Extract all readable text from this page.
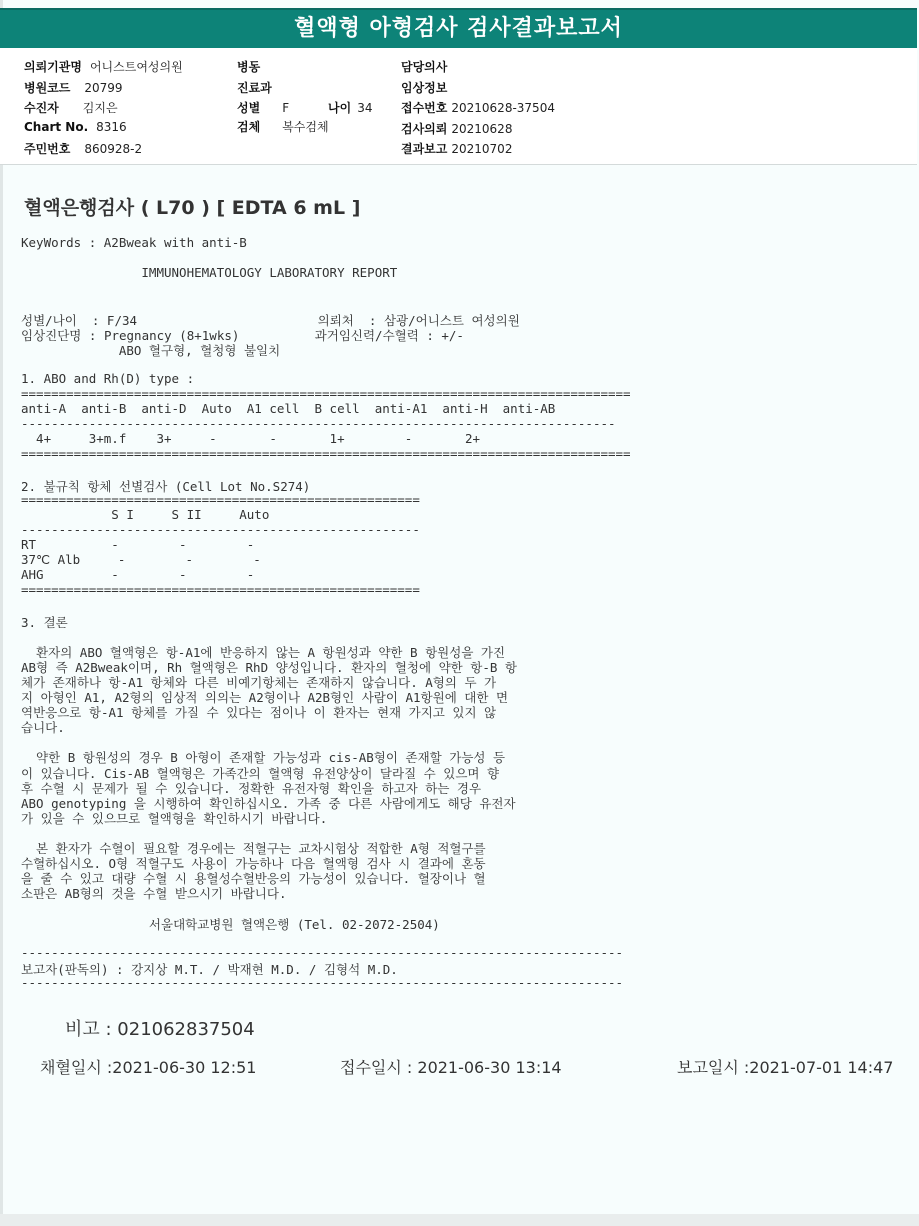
혈액형 아형검사 검사결과보고서
의뢰기관명 어니스트여성의원
병원코드 20799
수진자 김지은
Chart No. 8316
주민번호 860928-2
병동
진료과
성별 F	나이 34
검체 복수검체
담당의사
임상정보
접수번호 20210628-37504
검사의뢰 20210628
결과보고 20210702
혈액은행검사 ( L70 ) [ EDTA 6 mL ]
KeyWords : A2Bweak with anti-B
IMMUNOHEMATOLOGY LABORATORY REPORT
성별/나이  : F/34                        의뢰처  : 삼광/어니스트 여성의원
임상진단명 : Pregnancy (8+1wks)          과거임신력/수혈력 : +/-
ABO 혈구형, 혈청형 불일치
1. ABO and Rh(D) type :
=================================================================================
anti-A  anti-B  anti-D  Auto  A1 cell  B cell  anti-A1  anti-H  anti-AB
-------------------------------------------------------------------------------
4+     3+m.f    3+     -       -       1+        -       2+
=================================================================================
2. 불규칙 항체 선별검사 (Cell Lot No.S274)
=====================================================
S I     S II     Auto
-----------------------------------------------------
RT          -        -        -
37℃ Alb     -        -        -
AHG         -        -        -
=====================================================
3. 결론
환자의 ABO 혈액형은 항-A1에 반응하지 않는 A 항원성과 약한 B 항원성을 가진
AB형 즉 A2Bweak이며, Rh 혈액형은 RhD 양성입니다. 환자의 혈청에 약한 항-B 항
체가 존재하나 항-A1 항체와 다른 비예기항체는 존재하지 않습니다. A형의 두 가
지 아형인 A1, A2형의 임상적 의의는 A2형이나 A2B형인 사람이 A1항원에 대한 면
역반응으로 항-A1 항체를 가질 수 있다는 점이나 이 환자는 현재 가지고 있지 않
습니다.
약한 B 항원성의 경우 B 아형이 존재할 가능성과 cis-AB형이 존재할 가능성 등
이 있습니다. Cis-AB 혈액형은 가족간의 혈액형 유전양상이 달라질 수 있으며 향
후 수혈 시 문제가 될 수 있습니다. 정확한 유전자형 확인을 하고자 하는 경우
ABO genotyping 을 시행하여 확인하십시오. 가족 중 다른 사람에게도 해당 유전자
가 있을 수 있으므로 혈액형을 확인하시기 바랍니다.
본 환자가 수혈이 필요할 경우에는 적혈구는 교차시험상 적합한 A형 적혈구를
수혈하십시오. O형 적혈구도 사용이 가능하나 다음 혈액형 검사 시 결과에 혼동
을 줄 수 있고 대량 수혈 시 용혈성수혈반응의 가능성이 있습니다. 혈장이나 혈
소판은 AB형의 것을 수혈 받으시기 바랍니다.
서울대학교병원 혈액은행 (Tel. 02-2072-2504)
--------------------------------------------------------------------------------
보고자(판독의) : 강지상 M.T. / 박재현 M.D. / 김형석 M.D.
--------------------------------------------------------------------------------
비고 : 021062837504
채혈일시 :2021-06-30 12:51	접수일시 : 2021-06-30 13:14	보고일시 :2021-07-01 14:47
